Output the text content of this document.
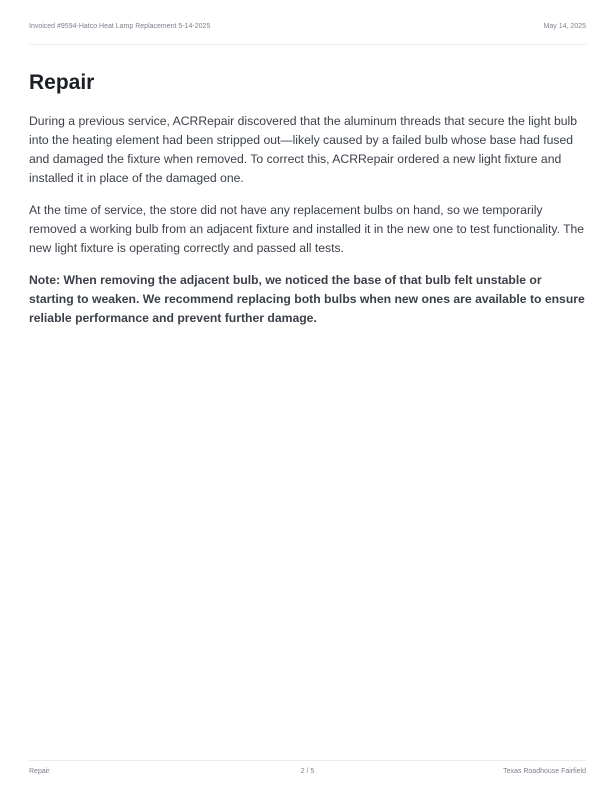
Invoiced #9594-Hatco Heat Lamp Replacement 5-14-2025	May 14, 2025
Repair

During a previous service, ACRRepair discovered that the aluminum threads that secure the light bulb into the heating element had been stripped out—likely caused by a failed bulb whose base had fused and damaged the fixture when removed. To correct this, ACRRepair ordered a new light fixture and installed it in place of the damaged one.

At the time of service, the store did not have any replacement bulbs on hand, so we temporarily removed a working bulb from an adjacent fixture and installed it in the new one to test functionality. The new light fixture is operating correctly and passed all tests.

Note: When removing the adjacent bulb, we noticed the base of that bulb felt unstable or starting to weaken. We recommend replacing both bulbs when new ones are available to ensure reliable performance and prevent further damage.

Repair	2 / 5	Texas Roadhouse Fairfield
